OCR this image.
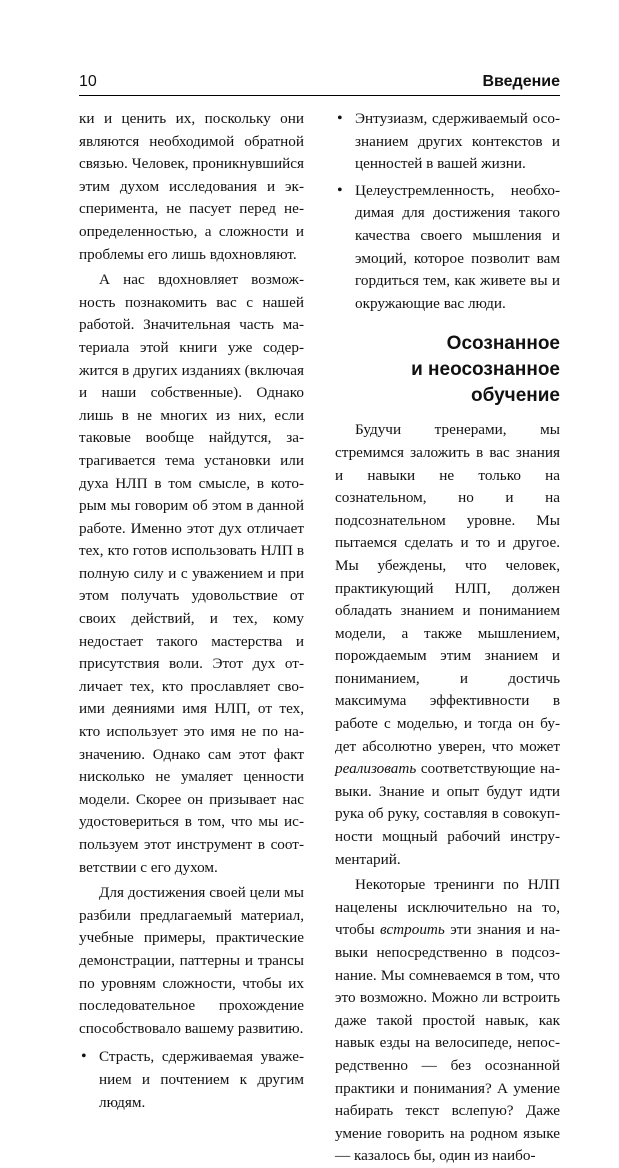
10	Введение

ки и ценить их, поскольку они являются необходимой обратной связью. Человек, проникнувшийся этим духом исследования и эксперимента, не пасует перед неопределенностью, а сложности и проблемы его лишь вдохновляют.

А нас вдохновляет возможность познакомить вас с нашей работой. Значительная часть материала этой книги уже содержится в других изданиях (включая и наши собственные). Однaко лишь в не многих из них, если таковые вообще найдутся, затрагивается тема установки или духа НЛП в том смысле, в которым мы говорим об этом в данной работе. Именно этот дух отличает тех, кто готов использовать НЛП в полную силу и с уважением и при этом получать удовольствие от своих действий, и тех, кому недостает такого мастерства и присутствия воли. Этот дух отличает тех, кто прославляет своими деяниями имя НЛП, от тех, кто использует это имя не по назначению. Однако сам этот факт нисколько не умаляет ценности модели. Скорее он призывает нас удостовериться в том, что мы используем этот инструмент в соответствии с его духом.

Для достижения своей цели мы разбили предлагаемый материал, учебные примеры, практические демонстрации, паттерны и трансы по уровням сложности, чтобы их последовательное прохождение способствовало вашему развитию.

• Страсть, сдерживаемая уважением и почтением к другим людям.
• Энтузиазм, сдерживаемый осознанием других контекстов и ценностей в вашей жизни.
• Целеустремленность, необходимая для достижения такого качества своего мышления и эмоций, которое позволит вам гордиться тем, как живете вы и окружающие вас люди.
Осознанное
и неосознанное
обучение

Будучи тренерами, мы стремимся заложить в вас знания и навыки не только на сознательном, но и на подсознательном уровне. Мы пытаемся сделать и то и другое. Мы убеждены, что человек, практикующий НЛП, должен обладать знанием и пониманием модели, а также мышлением, порождаемым этим знанием и пониманием, и достичь максимума эффективности в работе с моделью, и тогда он будет абсолютно уверен, что может реализовать соответствующие навыки. Знание и опыт будут идти рука об руку, составляя в совокупности мощный рабочий инструментарий.

Некоторые тренинги по НЛП нацелены исключительно на то, чтобы встроить эти знания и навыки непосредственно в подсознание. Мы сомневаемся в том, что это возможно. Можно ли встроить даже такой простой навык, как навык езды на велосипеде, непосредственно — без осознанной практики и понимания? А умение набирать текст вслепую? Даже умение говорить на родном языке — казалось бы, один из наибо-
